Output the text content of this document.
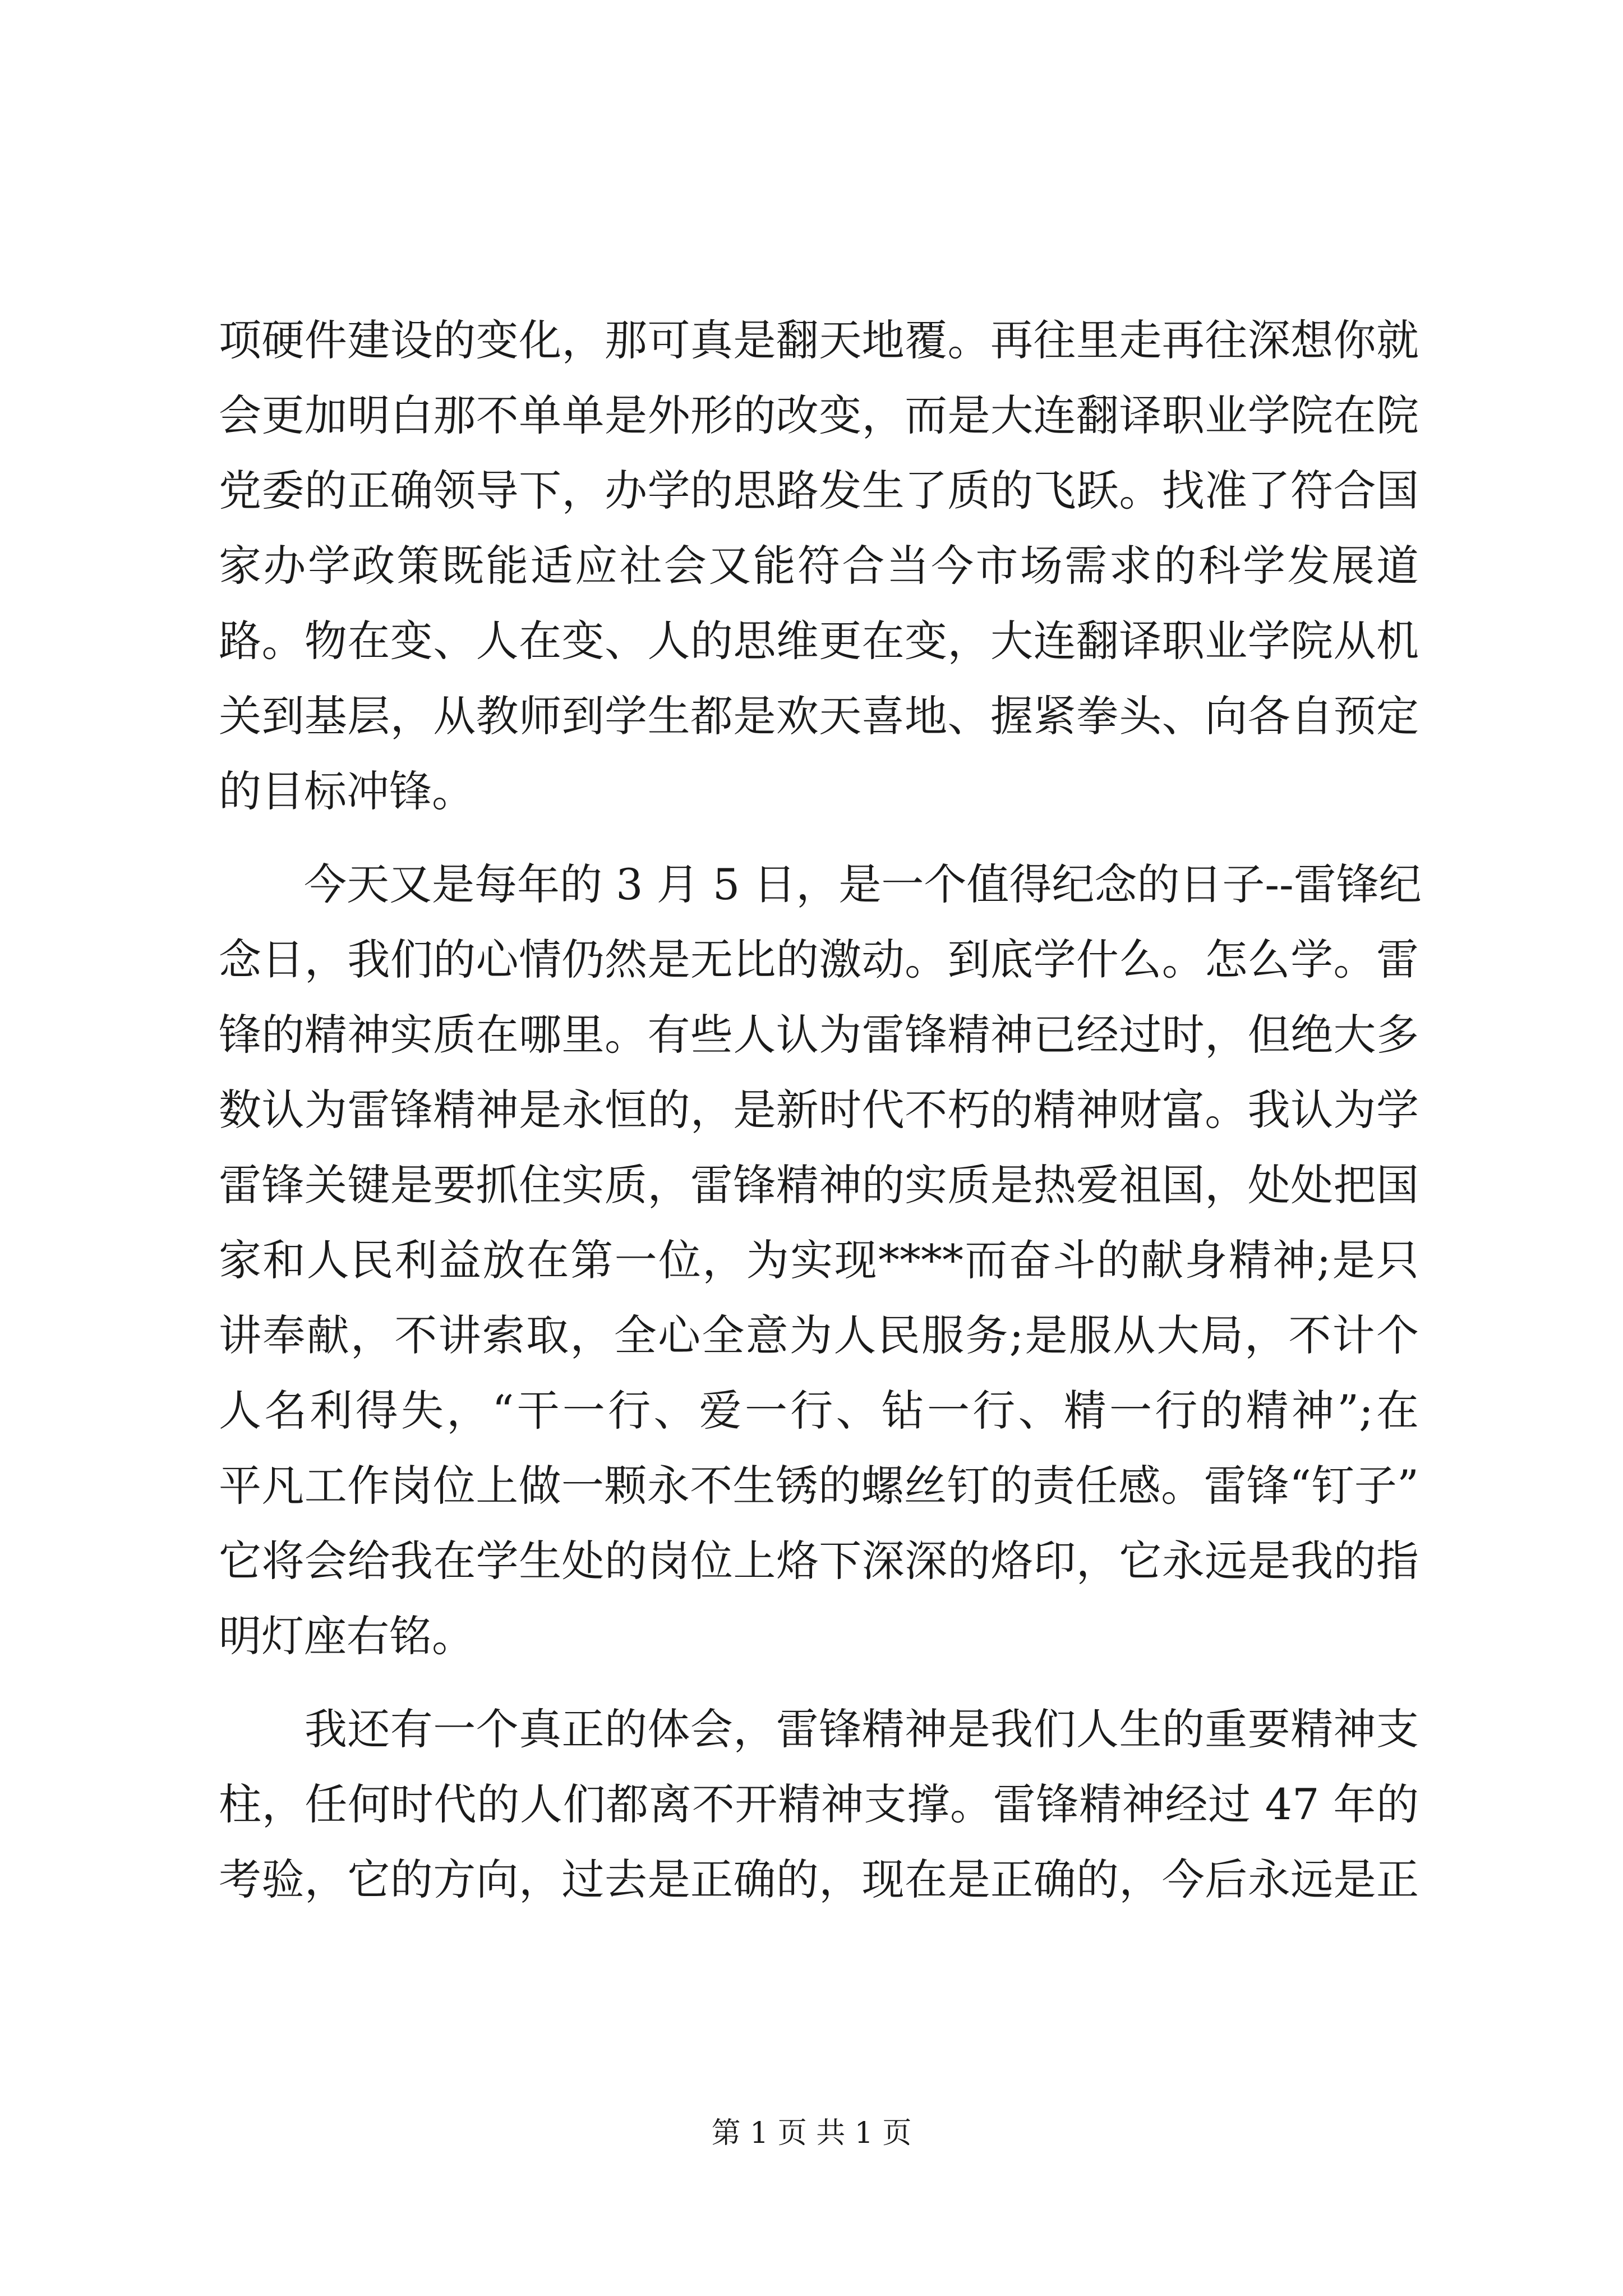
项硬件建设的变化，那可真是翻天地覆。再往里走再往深想你就
会更加明白那不单单是外形的改变，而是大连翻译职业学院在院
党委的正确领导下，办学的思路发生了质的飞跃。找准了符合国
家办学政策既能适应社会又能符合当今市场需求的科学发展道
路。物在变、人在变、人的思维更在变，大连翻译职业学院从机
关到基层，从教师到学生都是欢天喜地、握紧拳头、向各自预定
的目标冲锋。
　　今天又是每年的 3 月 5 日，是一个值得纪念的日子--雷锋纪
念日，我们的心情仍然是无比的激动。到底学什么。怎么学。雷
锋的精神实质在哪里。有些人认为雷锋精神已经过时，但绝大多
数认为雷锋精神是永恒的，是新时代不朽的精神财富。我认为学
雷锋关键是要抓住实质，雷锋精神的实质是热爱祖国，处处把国
家和人民利益放在第一位，为实现****而奋斗的献身精神;是只
讲奉献，不讲索取，全心全意为人民服务;是服从大局，不计个
人名利得失，“干一行、爱一行、钻一行、精一行的精神”;在
平凡工作岗位上做一颗永不生锈的螺丝钉的责任感。雷锋“钉子”
它将会给我在学生处的岗位上烙下深深的烙印，它永远是我的指
明灯座右铭。
　　我还有一个真正的体会，雷锋精神是我们人生的重要精神支
柱，任何时代的人们都离不开精神支撑。雷锋精神经过 47 年的
考验，它的方向，过去是正确的，现在是正确的，今后永远是正
第 1 页 共 1 页
